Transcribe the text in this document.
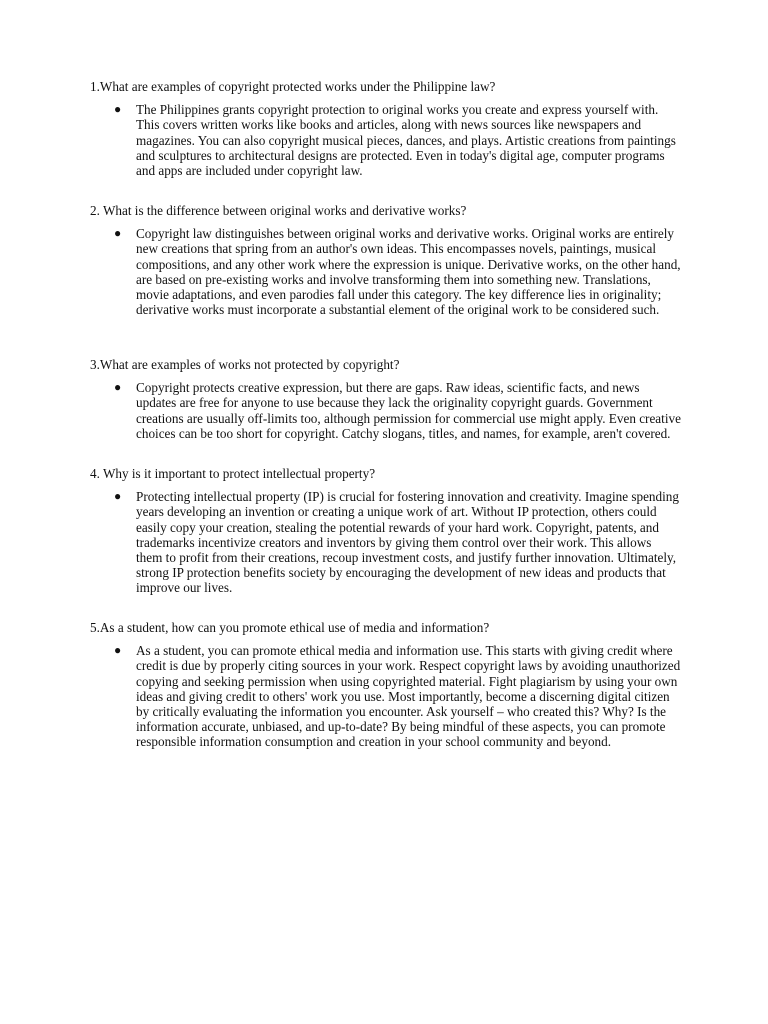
1.What are examples of copyright protected works under the Philippine law?

● The Philippines grants copyright protection to original works you create and express yourself with. This covers written works like books and articles, along with news sources like newspapers and magazines. You can also copyright musical pieces, dances, and plays. Artistic creations from paintings and sculptures to architectural designs are protected. Even in today's digital age, computer programs and apps are included under copyright law.

2. What is the difference between original works and derivative works?

● Copyright law distinguishes between original works and derivative works. Original works are entirely new creations that spring from an author's own ideas. This encompasses novels, paintings, musical compositions, and any other work where the expression is unique. Derivative works, on the other hand, are based on pre-existing works and involve transforming them into something new. Translations, movie adaptations, and even parodies fall under this category. The key difference lies in originality; derivative works must incorporate a substantial element of the original work to be considered such.

3.What are examples of works not protected by copyright?

● Copyright protects creative expression, but there are gaps. Raw ideas, scientific facts, and news updates are free for anyone to use because they lack the originality copyright guards. Government creations are usually off-limits too, although permission for commercial use might apply. Even creative choices can be too short for copyright. Catchy slogans, titles, and names, for example, aren't covered.

4. Why is it important to protect intellectual property?

● Protecting intellectual property (IP) is crucial for fostering innovation and creativity. Imagine spending years developing an invention or creating a unique work of art. Without IP protection, others could easily copy your creation, stealing the potential rewards of your hard work. Copyright, patents, and trademarks incentivize creators and inventors by giving them control over their work. This allows them to profit from their creations, recoup investment costs, and justify further innovation. Ultimately, strong IP protection benefits society by encouraging the development of new ideas and products that improve our lives.

5.As a student, how can you promote ethical use of media and information?

● As a student, you can promote ethical media and information use. This starts with giving credit where credit is due by properly citing sources in your work. Respect copyright laws by avoiding unauthorized copying and seeking permission when using copyrighted material. Fight plagiarism by using your own ideas and giving credit to others' work you use. Most importantly, become a discerning digital citizen by critically evaluating the information you encounter. Ask yourself – who created this? Why? Is the information accurate, unbiased, and up-to-date? By being mindful of these aspects, you can promote responsible information consumption and creation in your school community and beyond.
